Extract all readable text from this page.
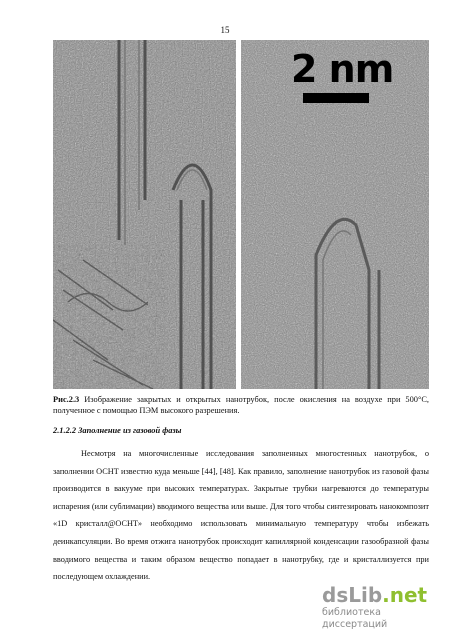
15
2 nm
Рис.2.3 Изображение закрытых и открытых нанотрубок, после окисления на воздухе при 500°С, полученное с помощью ПЭМ высокого разрешения.
2.1.2.2 Заполнение из газовой фазы

Несмотря на многочисленные исследования заполненных многостенных нанотрубок, о заполнении ОСНТ известно куда меньше [44], [48]. Как правило, заполнение нанотрубок из газовой фазы производится в вакууме при высоких температурах. Закрытые трубки нагреваются до температуры испарения (или сублимации) вводимого вещества или выше. Для того чтобы синтезировать нанокомпозит «1D кристалл@ОСНТ» необходимо использовать минимальную температуру чтобы избежать деинкапсуляции. Во время отжига нанотрубок происходит капиллярной конденсации газообразной фазы вводимого вещества и таким образом вещество попадает в нанотрубку, где и кристаллизуется при последующем охлаждении.

dsLib.net
библиотека диссертаций
